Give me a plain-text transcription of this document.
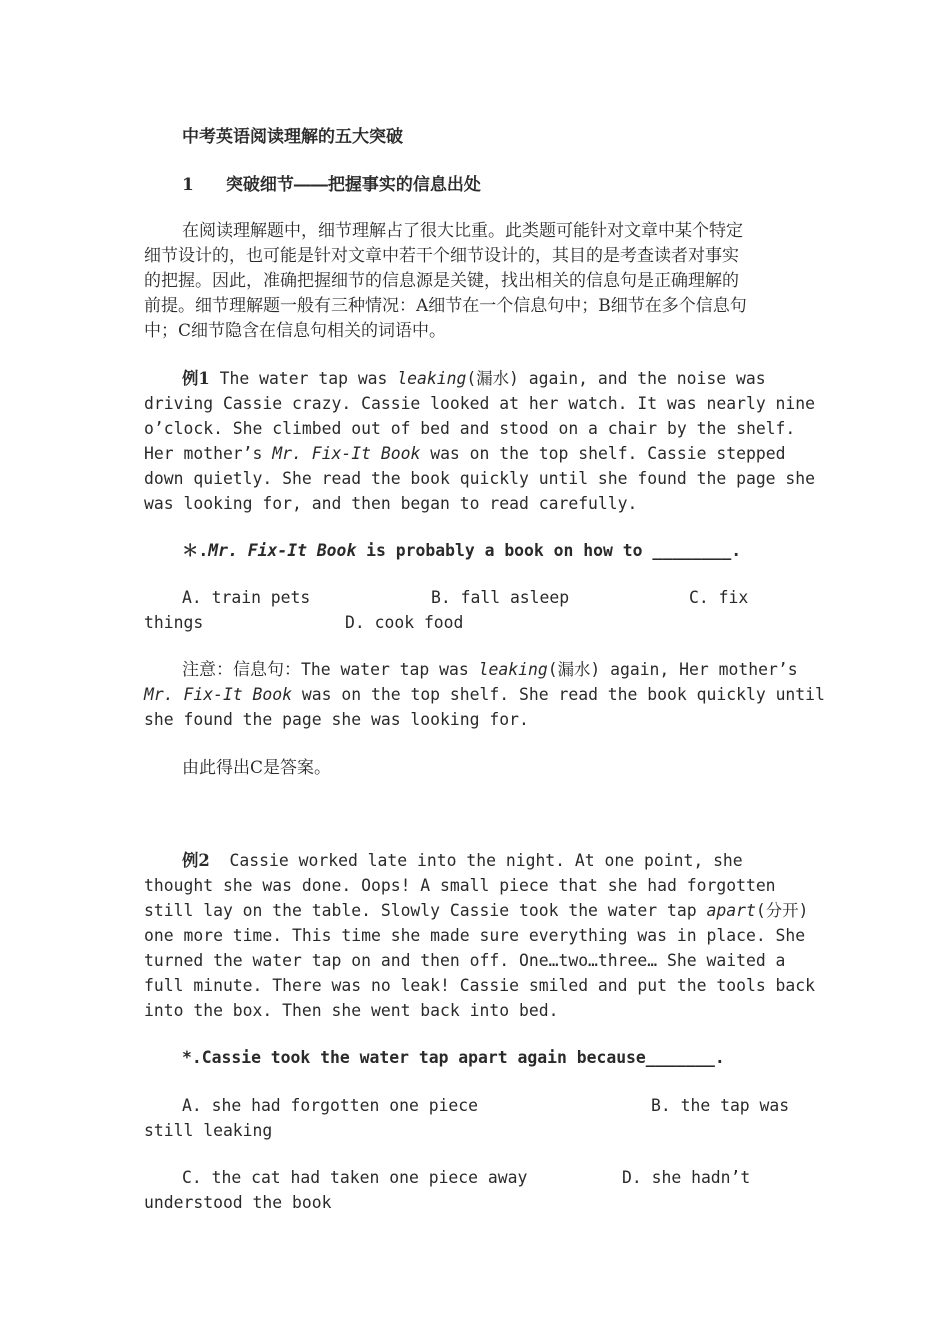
中考英语阅读理解的五大突破
1 突破细节――把握事实的信息出处
在阅读理解题中，细节理解占了很大比重。此类题可能针对文章中某个特定
细节设计的，也可能是针对文章中若干个细节设计的，其目的是考查读者对事实
的把握。因此，准确把握细节的信息源是关键，找出相关的信息句是正确理解的
前提。细节理解题一般有三种情况：A细节在一个信息句中；B细节在多个信息句
中；C细节隐含在信息句相关的词语中。
例1 The water tap was leaking(漏水) again, and the noise was
driving Cassie crazy. Cassie looked at her watch. It was nearly nine
o’clock. She climbed out of bed and stood on a chair by the shelf.
Her mother’s Mr. Fix-It Book was on the top shelf. Cassie stepped
down quietly. She read the book quickly until she found the page she
was looking for, and then began to read carefully.
＊.Mr. Fix-It Book is probably a book on how to ________.
A. train pets	B. fall asleep	C. fix
things	D. cook food
注意：信息句：The water tap was leaking(漏水) again, Her mother’s
Mr. Fix-It Book was on the top shelf. She read the book quickly until
she found the page she was looking for.
由此得出C是答案。
例2  Cassie worked late into the night. At one point, she
thought she was done. Oops! A small piece that she had forgotten
still lay on the table. Slowly Cassie took the water tap apart(分开)
one more time. This time she made sure everything was in place. She
turned the water tap on and then off. One…two…three… She waited a
full minute. There was no leak! Cassie smiled and put the tools back
into the box. Then she went back into bed.
*.Cassie took the water tap apart again because_______.
A. she had forgotten one piece	B. the tap was
still leaking
C. the cat had taken one piece away	D. she hadn’t
understood the book
